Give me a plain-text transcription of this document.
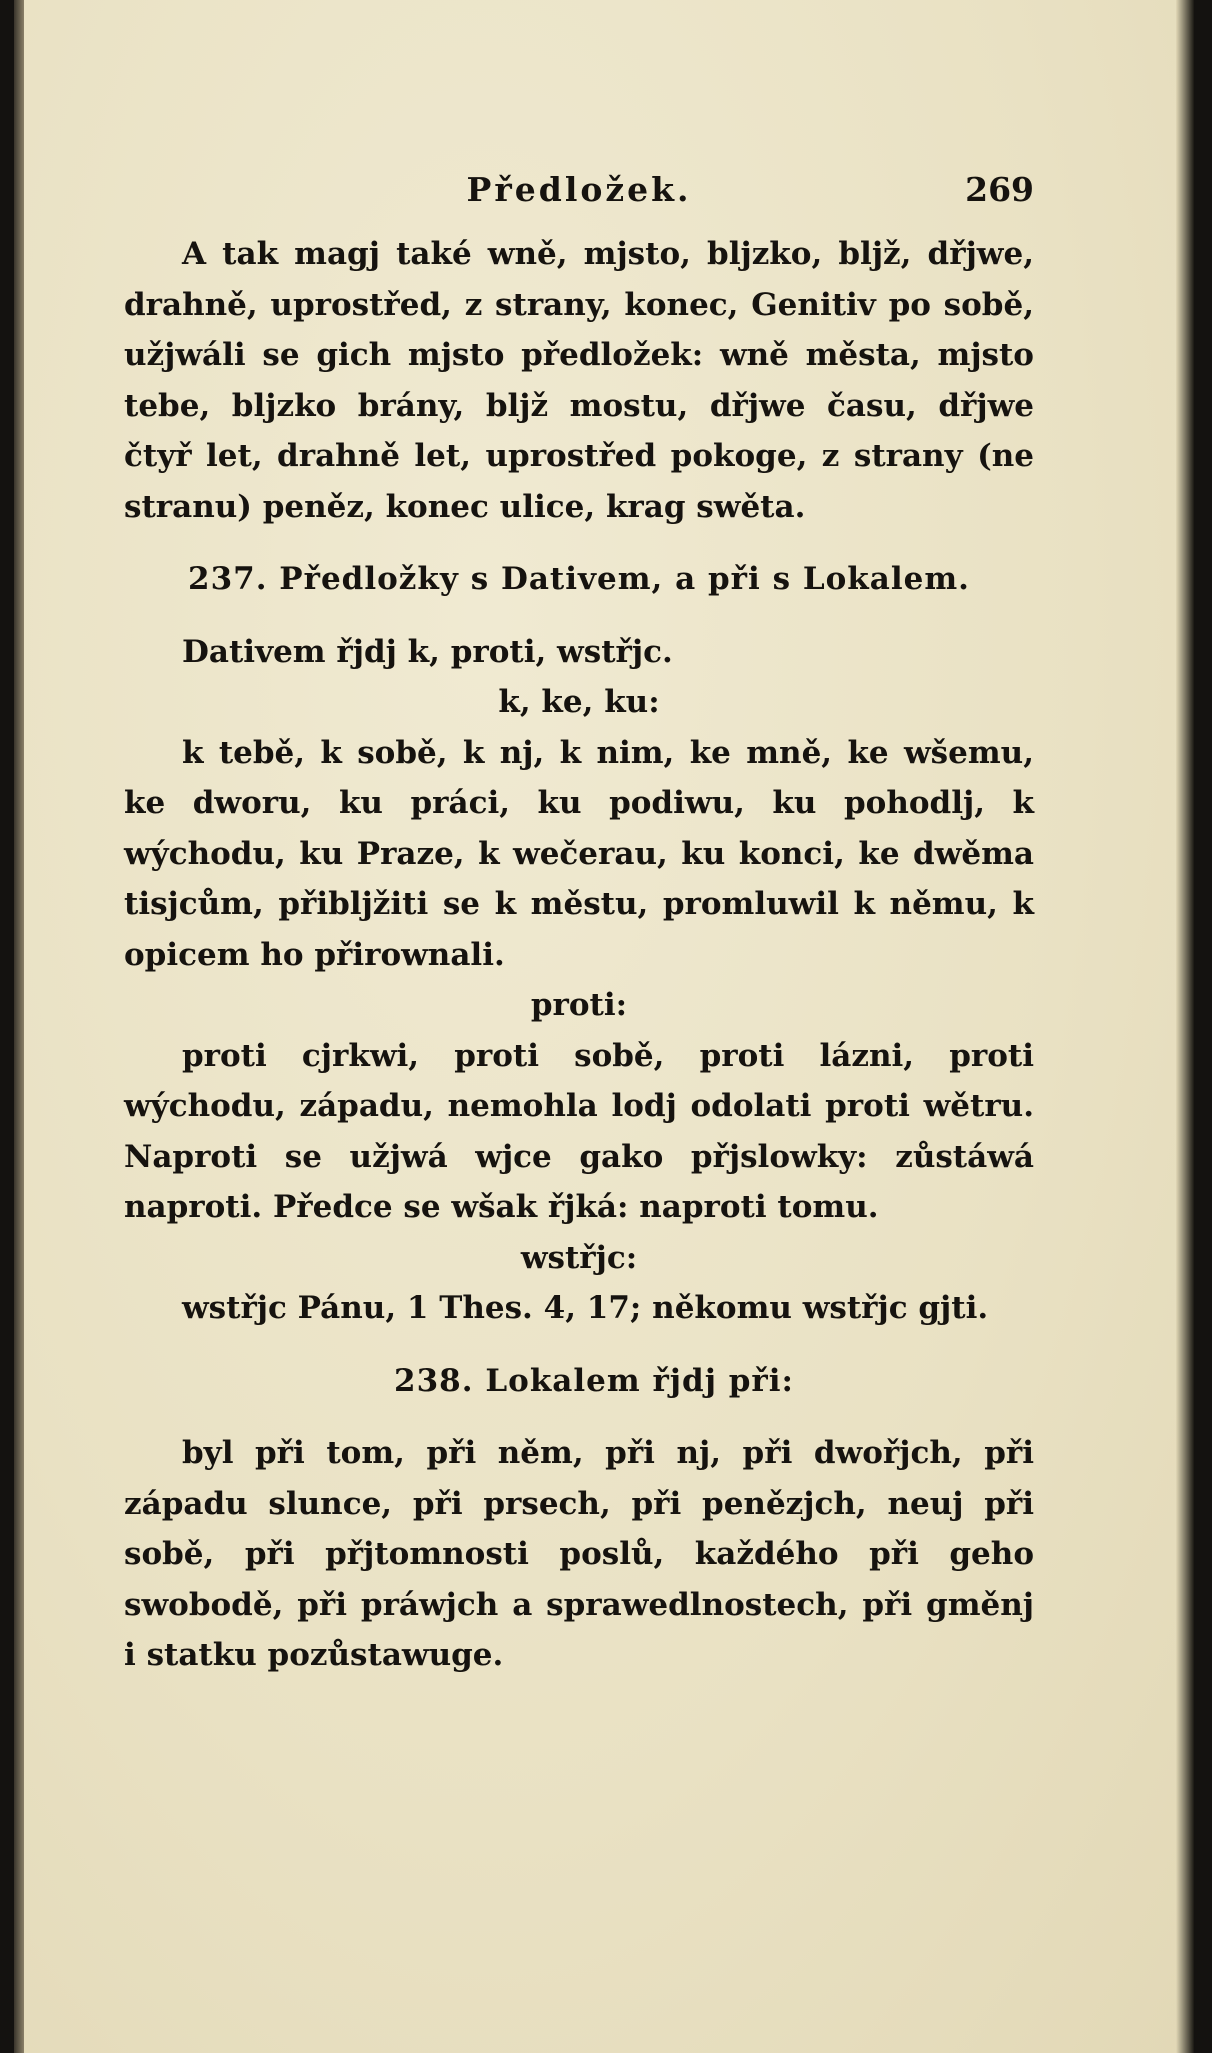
Předložek.	269

A tak magj také wně, mjsto, bljzko, bljž, dřjwe, drahně, uprostřed, z strany, konec, Genitiv po sobě, užjwáli se gich mjsto předložek: wně města, mjsto tebe, bljzko brány, bljž mostu, dřjwe času, dřjwe čtyř let, drahně let, uprostřed pokoge, z strany (ne stranu) peněz, konec ulice, krag swěta.

237. Předložky s Dativem, a při s Lokalem.

Dativem řjdj k, proti, wstřjc.

k, ke, ku:

k tebě, k sobě, k nj, k nim, ke mně, ke wšemu, ke dworu, ku práci, ku podiwu, ku pohodlj, k wýchodu, ku Praze, k wečerau, ku konci, ke dwěma tisjcům, přibljžiti se k městu, promluwil k němu, k opicem ho přirownali.

proti:

proti cjrkwi, proti sobě, proti lázni, proti wýchodu, západu, nemohla lodj odolati proti wětru. Naproti se užjwá wjce gako přjslowky: zůstáwá naproti. Předce se wšak řjká: naproti tomu.

wstřjc:

wstřjc Pánu, 1 Thes. 4, 17; někomu wstřjc gjti.

238. Lokalem řjdj při:

byl při tom, při něm, při nj, při dwořjch, při západu slunce, při prsech, při penězjch, neuj při sobě, při přjtomnosti poslů, každého při geho swobodě, při práwjch a sprawedlnostech, při gměnj i statku pozůstawuge.
